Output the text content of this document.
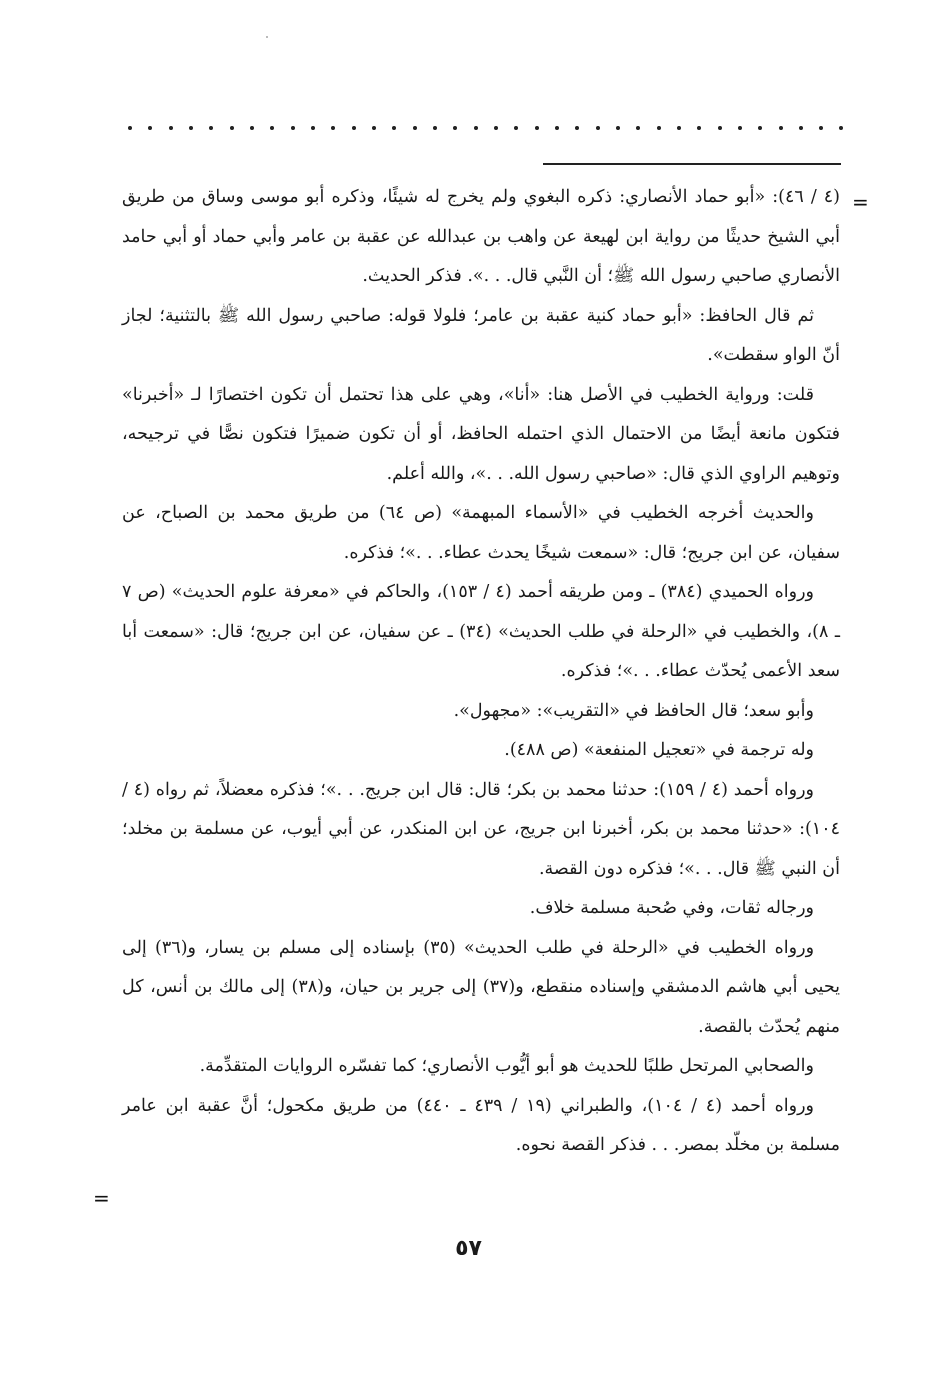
=

(٤ / ٤٦): «أبو حماد الأنصاري: ذكره البغوي ولم يخرج له شيئًا، وذكره أبو موسى وساق من طريق أبي الشيخ حديثًا من رواية ابن لهيعة عن واهب بن عبدالله عن عقبة بن عامر وأبي حماد أو أبي حامد الأنصاري صاحبي رسول الله ﷺ؛ أن النَّبي قال. . .». فذكر الحديث.

ثم قال الحافظ: «أبو حماد كنية عقبة بن عامر؛ فلولا قوله: صاحبي رسول الله ﷺ بالتثنية؛ لجاز أنّ الواو سقطت».

قلت: ورواية الخطيب في الأصل هنا: «أنا»، وهي على هذا تحتمل أن تكون اختصارًا لـ «أخبرنا» فتكون مانعة أيضًا من الاحتمال الذي احتمله الحافظ، أو أن تكون ضميرًا فتكون نصًّا في ترجيحه، وتوهيم الراوي الذي قال: «صاحبي رسول الله. . .»، والله أعلم.

والحديث أخرجه الخطيب في «الأسماء المبهمة» (ص ٦٤) من طريق محمد بن الصباح، عن سفيان، عن ابن جريج؛ قال: «سمعت شيخًا يحدث عطاء. . .»؛ فذكره.

ورواه الحميدي (٣٨٤) ـ ومن طريقه أحمد (٤ / ١٥٣)، والحاكم في «معرفة علوم الحديث» (ص ٧ ـ ٨)، والخطيب في «الرحلة في طلب الحديث» (٣٤) ـ عن سفيان، عن ابن جريج؛ قال: «سمعت أبا سعد الأعمى يُحدّث عطاء. . .»؛ فذكره.

وأبو سعد؛ قال الحافظ في «التقريب»: «مجهول».

وله ترجمة في «تعجيل المنفعة» (ص ٤٨٨).

ورواه أحمد (٤ / ١٥٩): حدثنا محمد بن بكر؛ قال: قال ابن جريج. . .»؛ فذكره معضلاً، ثم رواه (٤ / ١٠٤): «حدثنا محمد بن بكر، أخبرنا ابن جريج، عن ابن المنكدر، عن أبي أيوب، عن مسلمة بن مخلد؛ أن النبي ﷺ قال. . .»؛ فذكره دون القصة.

ورجاله ثقات، وفي صُحبة مسلمة خلاف.

ورواه الخطيب في «الرحلة في طلب الحديث» (٣٥) بإسناده إلى مسلم بن يسار، و(٣٦) إلى يحيى أبي هاشم الدمشقي وإسناده منقطع، و(٣٧) إلى جرير بن حيان، و(٣٨) إلى مالك بن أنس، كل منهم يُحدّث بالقصة.

والصحابي المرتحل طلبًا للحديث هو أبو أيُّوب الأنصاري؛ كما تفسّره الروايات المتقدِّمة.

ورواه أحمد (٤ / ١٠٤)، والطبراني (١٩ / ٤٣٩ ـ ٤٤٠) من طريق مكحول؛ أنَّ عقبة ابن عامر مسلمة بن مخلّد بمصر. . . فذكر القصة نحوه.

=
٥٧
